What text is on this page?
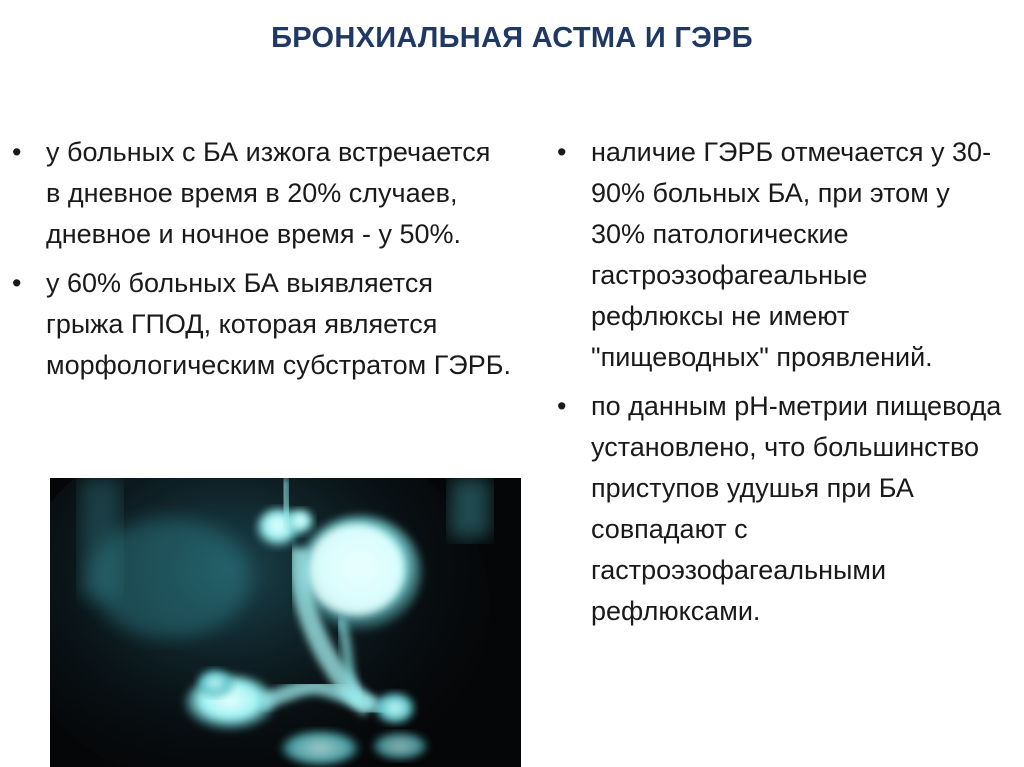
БРОНХИАЛЬНАЯ АСТМА И ГЭРБ
• у больных с БА изжога встречается в дневное время в 20% случаев, дневное и ночное время - у 50%.
• у 60% больных БА выявляется грыжа ГПОД, которая является морфологическим субстратом ГЭРБ.
• наличие ГЭРБ отмечается у 30-90% больных БА, при этом у 30% патологические гастроэзофагеальные рефлюксы не имеют "пищеводных" проявлений.
• по данным рН-метрии пищевода установлено, что большинство приступов удушья при БА совпадают с гастроэзофагеальными рефлюксами.
